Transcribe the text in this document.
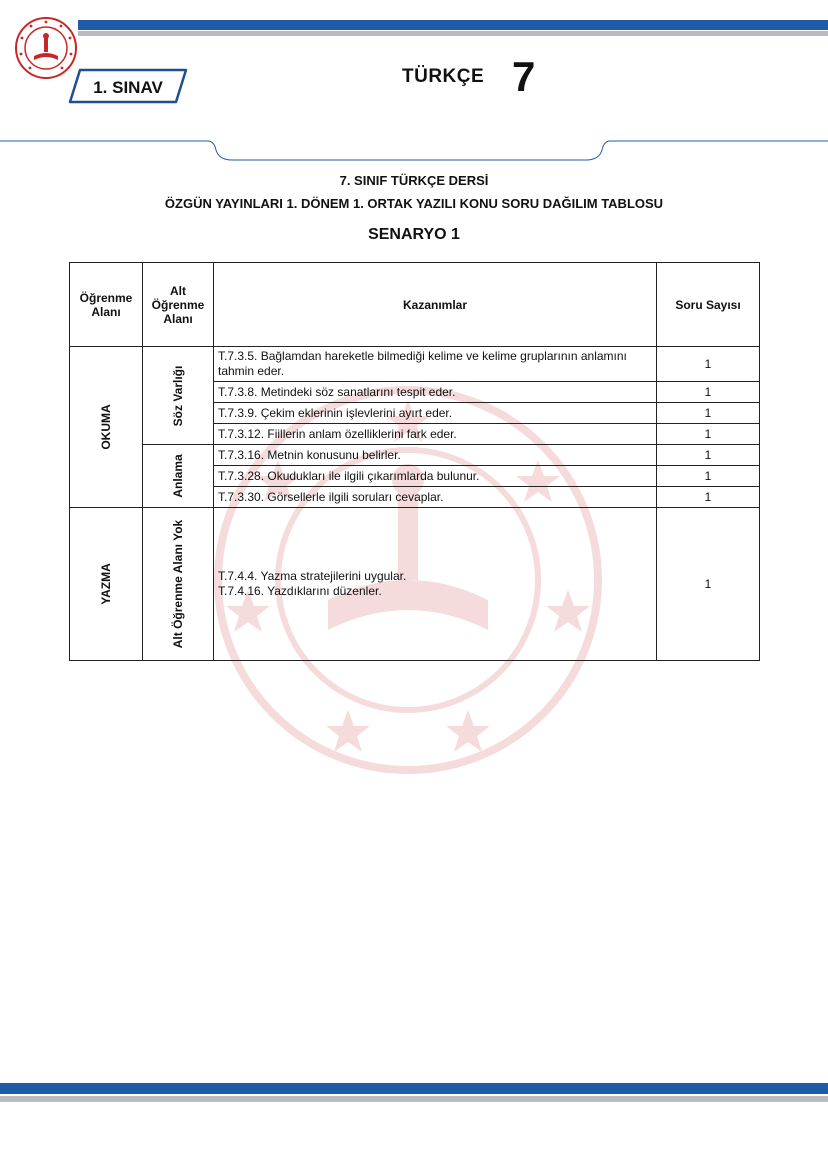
1. SINAV
TÜRKÇE 7
7. SINIF TÜRKÇE DERSİ
ÖZGÜN YAYINLARI 1. DÖNEM 1. ORTAK YAZILI KONU SORU DAĞILIM TABLOSU
SENARYO 1
Öğrenme Alanı	Alt Öğrenme Alanı	Kazanımlar	Soru Sayısı

OKUMA	Söz Varlığı	T.7.3.5. Bağlamdan hareketle bilmediği kelime ve kelime gruplarının anlamını tahmin eder.	1
		T.7.3.8. Metindeki söz sanatlarını tespit eder.	1
		T.7.3.9. Çekim eklerinin işlevlerini ayırt eder.	1
		T.7.3.12. Fiillerin anlam özelliklerini fark eder.	1

	Anlama	T.7.3.16. Metnin konusunu belirler.	1
		T.7.3.28. Okudukları ile ilgili çıkarımlarda bulunur.	1
		T.7.3.30. Görsellerle ilgili soruları cevaplar.	1

YAZMA	Alt Öğrenme Alanı Yok	T.7.4.4. Yazma stratejilerini uygular.
T.7.4.16. Yazdıklarını düzenler.	1
